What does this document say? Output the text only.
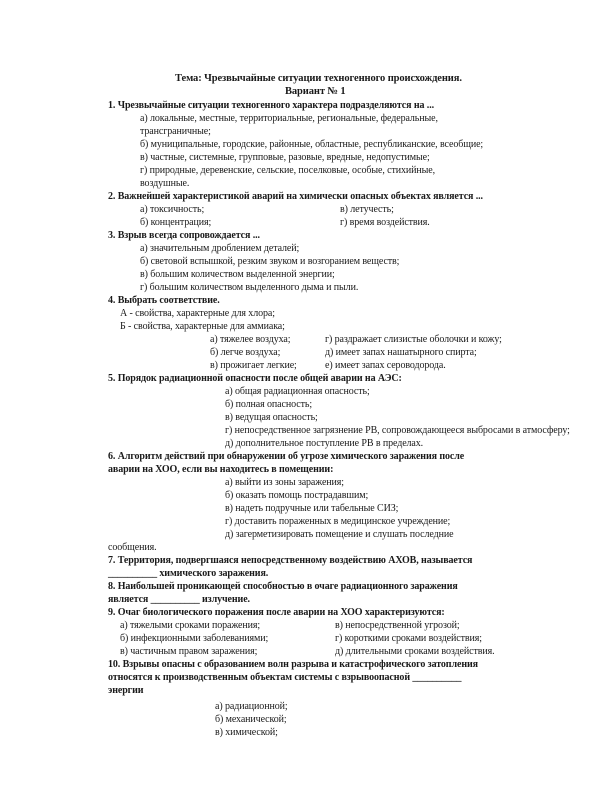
Тема: Чрезвычайные ситуации техногенного происхождения.
Вариант № 1
1. Чрезвычайные ситуации техногенного характера подразделяются на ...
а) локальные, местные, территориальные, региональные, федеральные,
трансграничные;
б) муниципальные, городские, районные, областные, республиканские, всеобщие;
в) частные, системные, групповые, разовые, вредные, недопустимые;
г) природные, деревенские, сельские, поселковые, особые, стихийные,
воздушные.
2. Важнейшей характеристикой аварий на химически опасных объектах является ...
а) токсичность;	в) летучесть;
б) концентрация;	г) время воздействия.
3. Взрыв всегда сопровождается ...
а) значительным дроблением деталей;
б) световой вспышкой, резким звуком и возгоранием веществ;
в) большим количеством выделенной энергии;
г) большим количеством выделенного дыма и пыли.
4. Выбрать соответствие.
А - свойства, характерные для хлора;
Б - свойства, характерные для аммиака;
а) тяжелее воздуха;	г) раздражает слизистые оболочки и кожу;
б) легче воздуха;	д) имеет запах нашатырного спирта;
в) прожигает легкие;	е) имеет запах сероводорода.
5. Порядок радиационной опасности после общей аварии на АЭС:
а) общая радиационная опасность;
б) полная опасность;
в) ведущая опасность;
г) непосредственное загрязнение РВ, сопровождающееся выбросами в атмосферу;
д) дополнительное поступление РВ в пределах.
6. Алгоритм действий при обнаружении об угрозе химического заражения после
аварии на ХОО, если вы находитесь в помещении:
а) выйти из зоны заражения;
б) оказать помощь пострадавшим;
в) надеть подручные или табельные СИЗ;
г) доставить пораженных в медицинское учреждение;
д) загерметизировать помещение и слушать последние
сообщения.
7. Территория, подвергшаяся непосредственному воздействию АХОВ, называется
__________ химического заражения.
8. Наибольшей проникающей способностью в очаге радиационного заражения
является __________ излучение.
9. Очаг биологического поражения после аварии на ХОО характеризуются:
а) тяжелыми сроками поражения;	в) непосредственной угрозой;
б) инфекционными заболеваниями;	г) короткими сроками воздействия;
в) частичным правом заражения;	д) длительными сроками воздействия.
10. Взрывы опасны с образованием волн разрыва и катастрофического затопления
относятся к производственным объектам системы с взрывоопасной __________
энергии
а) радиационной;
б) механической;
в) химической;
